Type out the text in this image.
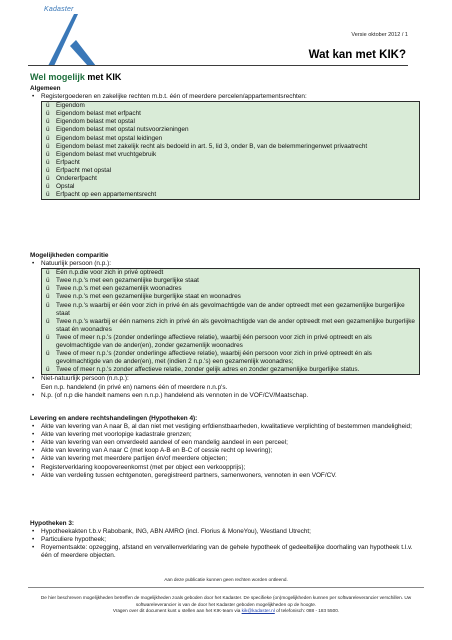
Kadaster
Versie oktober 2012 / 1
Wat kan met KIK?
Wel mogelijk met KIK
Algemeen
• Registergoederen en zakelijke rechten m.b.t. één of meerdere percelen/appartementsrechten:
ü Eigendom
ü Eigendom belast met erfpacht
ü Eigendom belast met opstal
ü Eigendom belast met opstal nutsvoorzieningen
ü Eigendom belast met opstal leidingen
ü Eigendom belast met zakelijk recht als bedoeld in art. 5, lid 3, onder B, van de belemmeringenwet privaatrecht
ü Eigendom belast met vruchtgebruik
ü Erfpacht
ü Erfpacht met opstal
ü Ondererfpacht
ü Opstal
ü Erfpacht op een appartementsrecht
Mogelijkheden comparitie
• Natuurlijk persoon (n.p.):
ü Eén n.p.die voor zich in privé optreedt
ü Twee n.p.'s met een gezamenlijke burgerlijke staat
ü Twee n.p.'s met een gezamenlijk woonadres
ü Twee n.p.'s met een gezamenlijke burgerlijke staat en woonadres
ü Twee n.p.'s waarbij er één voor zich in privé én als gevolmachtigde van de ander optreedt met een gezamenlijke burgerlijke staat
ü Twee n.p.'s waarbij er één namens zich in privé én als gevolmachtigde van de ander optreedt met een gezamenlijke burgerlijke staat én woonadres
ü Twee of meer n.p.'s (zonder onderlinge affectieve relatie), waarbij één persoon voor zich in privé optreedt en als gevolmachtigde van de ander(en), zonder gezamenlijk woonadres
ü Twee of meer n.p.'s (zonder onderlinge affectieve relatie), waarbij één persoon voor zich in privé optreedt én als gevolmachtigde van de ander(en), met (indien 2 n.p.'s) een gezamenlijk woonadres;
ü Twee of meer n.p.'s zonder affectieve relatie, zonder gelijk adres en zonder gezamenlijke burgerlijke status.
• Niet-natuurlijk persoon (n.n.p.):
Een n.p. handelend (in privé en) namens één of meerdere n.n.p's.
• N.p. (of n.p die handelt namens een n.n.p.) handelend als vennoten in de VOF/CV/Maatschap.
Levering en andere rechtshandelingen (Hypotheken 4):
• Akte van levering van A naar B, al dan niet met vestiging erfdienstbaarheden, kwalitatieve verplichting of bestemmen mandeligheid;
• Akte van levering met voorlopige kadastrale grenzen;
• Akte van levering van een onverdeeld aandeel of een mandelig aandeel in een perceel;
• Akte van levering van A naar C (met koop A-B en B-C of cessie recht op levering);
• Akte van levering met meerdere partijen én/of meerdere objecten;
• Registerverklaring koopovereenkomst (met per object een verkoopprijs);
• Akte van verdeling tussen echtgenoten, geregistreerd partners, samenwoners, vennoten in een VOF/CV.
Hypotheken 3:
• Hypotheekakten t.b.v Rabobank, ING, ABN AMRO (incl. Florius & MoneYou), Westland Utrecht;
• Particuliere hypotheek;
• Royementsakte: opzegging, afstand en vervallenverklaring van de gehele hypotheek of gedeeltelijke doorhaling van hypotheek t.l.v. één of meerdere objecten.
Aan deze publicatie kunnen geen rechten worden ontleend.
De hier beschreven mogelijkheden betreffen de mogelijkheden zoals geboden door het Kadaster. De specifieke (on)mogelijkheden kunnen per softwareleverancier verschillen. Uw softwareleverancier is van de door het Kadaster geboden mogelijkheden op de hoogte.
Vragen over dit document kunt u stellen aan het KIK-team via kik@kadaster.nl of telefonisch: 088 - 183 5500.
